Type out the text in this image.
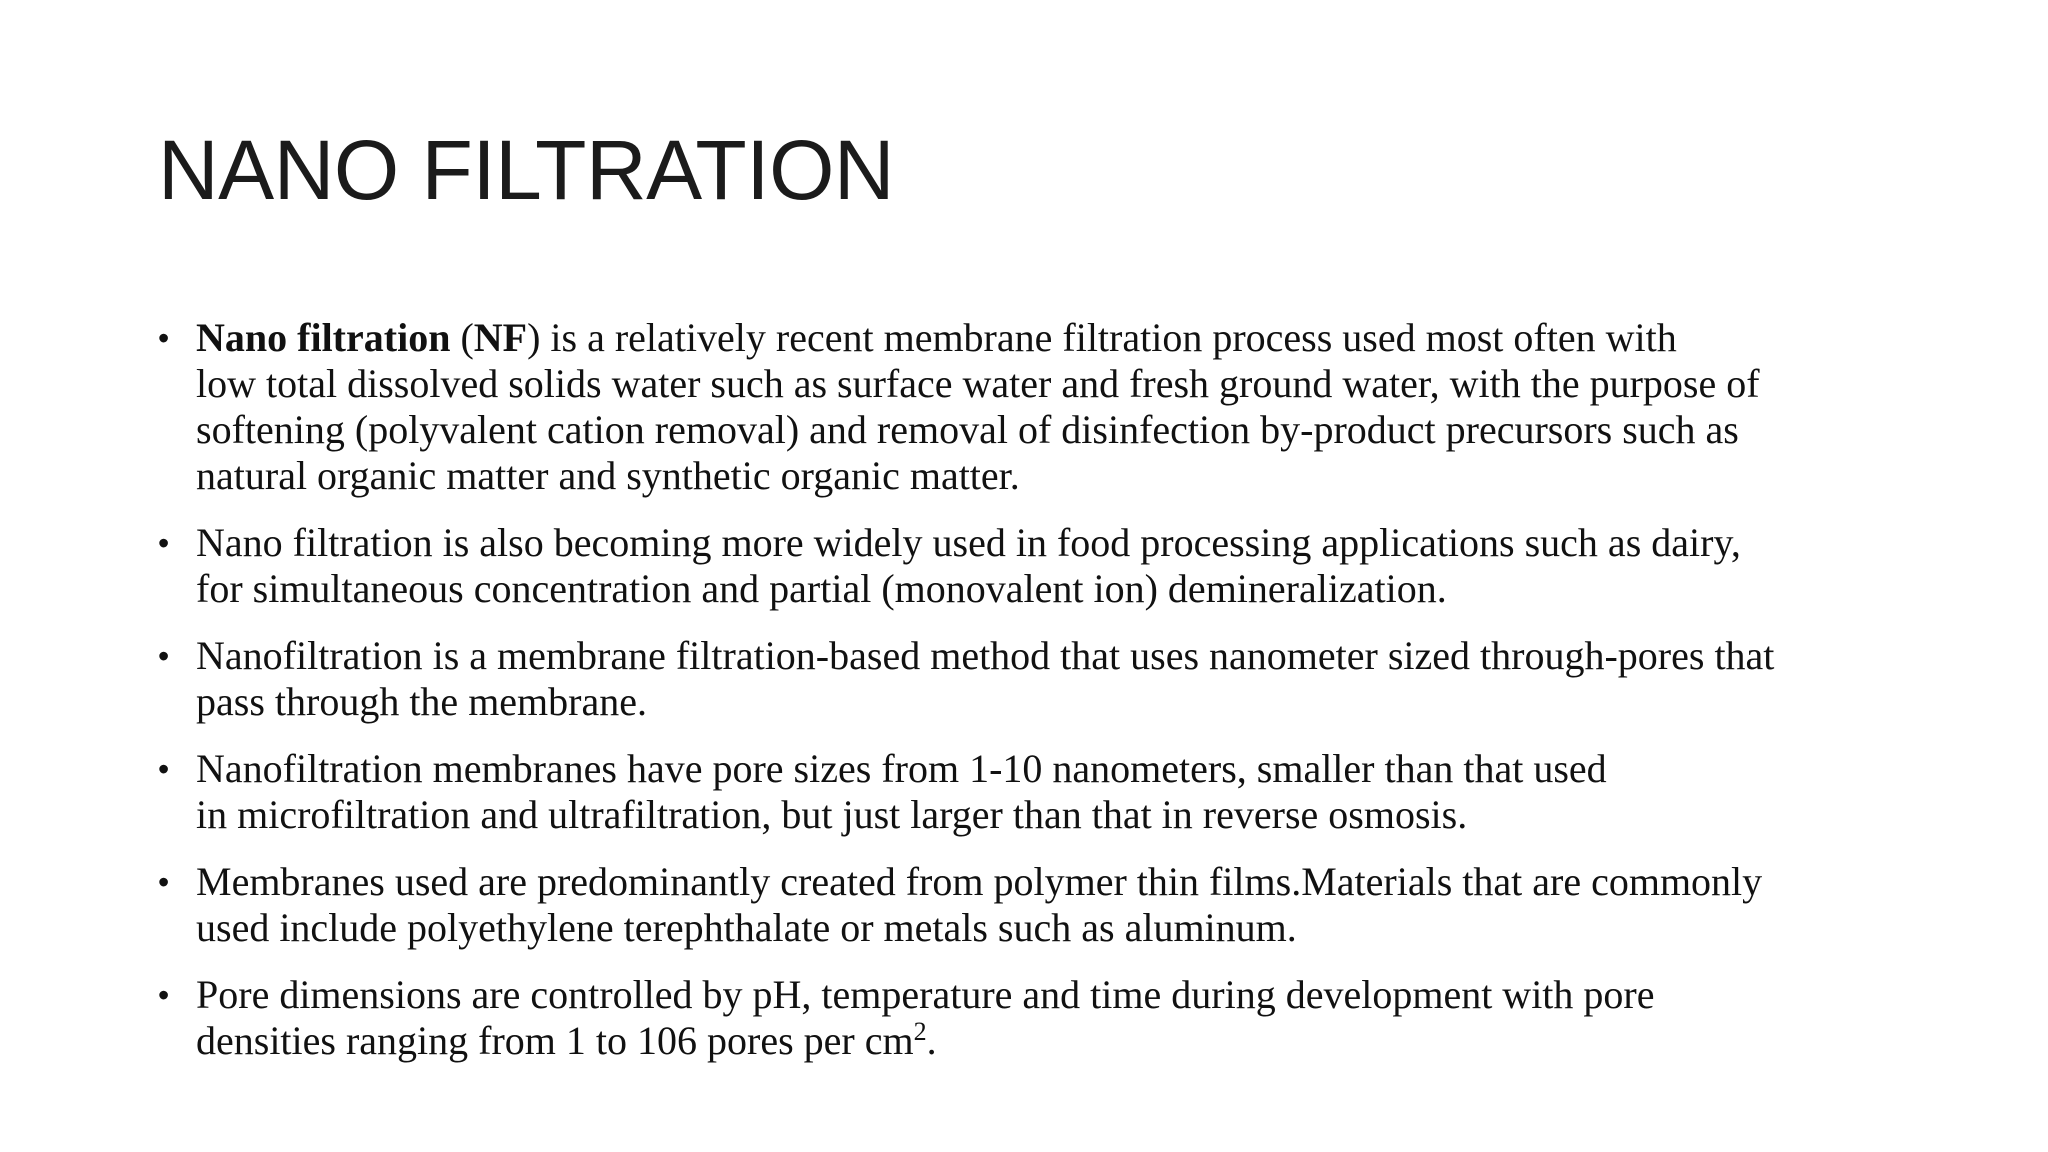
NANO FILTRATION
• Nano filtration (NF) is a relatively recent membrane filtration process used most often with
low total dissolved solids water such as surface water and fresh ground water, with the purpose of
softening (polyvalent cation removal) and removal of disinfection by-product precursors such as
natural organic matter and synthetic organic matter.
• Nano filtration is also becoming more widely used in food processing applications such as dairy,
for simultaneous concentration and partial (monovalent ion) demineralization.
• Nanofiltration is a membrane filtration-based method that uses nanometer sized through-pores that
pass through the membrane.
• Nanofiltration membranes have pore sizes from 1-10 nanometers, smaller than that used
in microfiltration and ultrafiltration, but just larger than that in reverse osmosis.
• Membranes used are predominantly created from polymer thin films.Materials that are commonly
used include polyethylene terephthalate or metals such as aluminum.
• Pore dimensions are controlled by pH, temperature and time during development with pore
densities ranging from 1 to 106 pores per $cm^2$.
